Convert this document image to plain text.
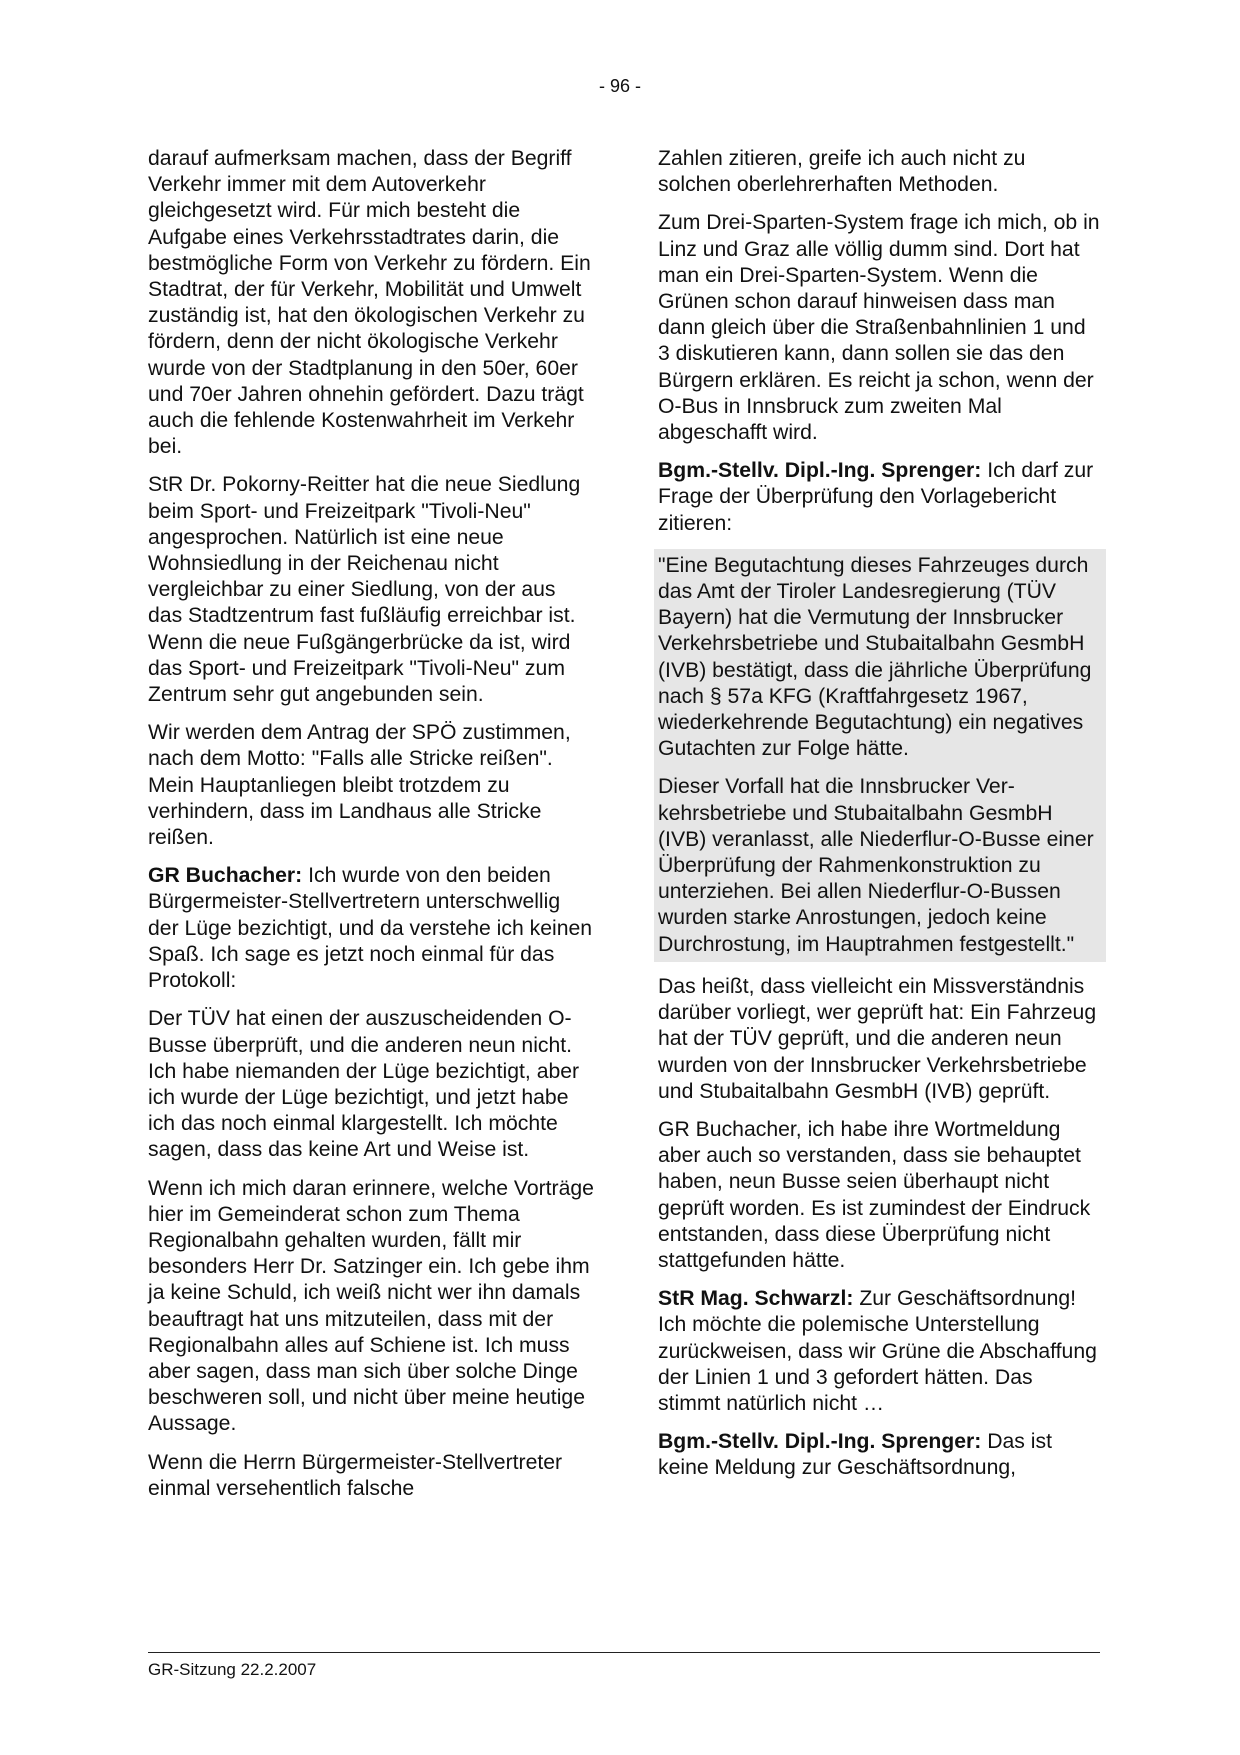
- 96 -

darauf aufmerksam machen, dass der Begriff Verkehr immer mit dem Autoverkehr gleichgesetzt wird. Für mich besteht die Aufgabe eines Verkehrsstadtrates darin, die bestmögliche Form von Verkehr zu fördern. Ein Stadtrat, der für Verkehr, Mobilität und Umwelt zuständig ist, hat den ökologischen Verkehr zu fördern, denn der nicht ökologische Verkehr wurde von der Stadtplanung in den 50er, 60er und 70er Jahren ohnehin gefördert. Dazu trägt auch die fehlende Kostenwahrheit im Verkehr bei.

StR Dr. Pokorny-Reitter hat die neue Siedlung beim Sport- und Freizeitpark "Tivoli-Neu" angesprochen. Natürlich ist eine neue Wohnsiedlung in der Reichenau nicht vergleichbar zu einer Siedlung, von der aus das Stadtzentrum fast fußläufig erreichbar ist. Wenn die neue Fußgängerbrücke da ist, wird das Sport- und Freizeitpark "Tivoli-Neu" zum Zentrum sehr gut angebunden sein.

Wir werden dem Antrag der SPÖ zustimmen, nach dem Motto: "Falls alle Stricke reißen". Mein Hauptanliegen bleibt trotzdem zu verhindern, dass im Landhaus alle Stricke reißen.

GR Buchacher: Ich wurde von den beiden Bürgermeister-Stellvertretern unterschwellig der Lüge bezichtigt, und da verstehe ich keinen Spaß. Ich sage es jetzt noch einmal für das Protokoll:

Der TÜV hat einen der auszuscheidenden O-Busse überprüft, und die anderen neun nicht. Ich habe niemanden der Lüge bezichtigt, aber ich wurde der Lüge bezichtigt, und jetzt habe ich das noch einmal klargestellt. Ich möchte sagen, dass das keine Art und Weise ist.

Wenn ich mich daran erinnere, welche Vorträge hier im Gemeinderat schon zum Thema Regionalbahn gehalten wurden, fällt mir besonders Herr Dr. Satzinger ein. Ich gebe ihm ja keine Schuld, ich weiß nicht wer ihn damals beauftragt hat uns mitzuteilen, dass mit der Regionalbahn alles auf Schiene ist. Ich muss aber sagen, dass man sich über solche Dinge beschweren soll, und nicht über meine heutige Aussage.

Wenn die Herrn Bürgermeister-Stellvertreter einmal versehentlich falsche

Zahlen zitieren, greife ich auch nicht zu solchen oberlehrerhaften Methoden.

Zum Drei-Sparten-System frage ich mich, ob in Linz und Graz alle völlig dumm sind. Dort hat man ein Drei-Sparten-System. Wenn die Grünen schon darauf hinweisen dass man dann gleich über die Straßenbahnlinien 1 und 3 diskutieren kann, dann sollen sie das den Bürgern erklären. Es reicht ja schon, wenn der O-Bus in Innsbruck zum zweiten Mal abgeschafft wird.

Bgm.-Stellv. Dipl.-Ing. Sprenger: Ich darf zur Frage der Überprüfung den Vorlagebericht zitieren:

"Eine Begutachtung dieses Fahrzeuges durch das Amt der Tiroler Landesregierung (TÜV Bayern) hat die Vermutung der Innsbrucker Verkehrsbetriebe und Stubaitalbahn GesmbH (IVB) bestätigt, dass die jährliche Überprüfung nach § 57a KFG (Kraftfahrgesetz 1967, wiederkehrende Begutachtung) ein negatives Gutachten zur Folge hätte.

Dieser Vorfall hat die Innsbrucker Verkehrsbetriebe und Stubaitalbahn GesmbH (IVB) veranlasst, alle Niederflur-O-Busse einer Überprüfung der Rahmenkonstruktion zu unterziehen. Bei allen Niederflur-O-Bussen wurden starke Anrostungen, jedoch keine Durchrostung, im Hauptrahmen festgestellt."

Das heißt, dass vielleicht ein Missverständnis darüber vorliegt, wer geprüft hat: Ein Fahrzeug hat der TÜV geprüft, und die anderen neun wurden von der Innsbrucker Verkehrsbetriebe und Stubaitalbahn GesmbH (IVB) geprüft.

GR Buchacher, ich habe ihre Wortmeldung aber auch so verstanden, dass sie behauptet haben, neun Busse seien überhaupt nicht geprüft worden. Es ist zumindest der Eindruck entstanden, dass diese Überprüfung nicht stattgefunden hätte.

StR Mag. Schwarzl: Zur Geschäftsordnung! Ich möchte die polemische Unterstellung zurückweisen, dass wir Grüne die Abschaffung der Linien 1 und 3 gefordert hätten. Das stimmt natürlich nicht …

Bgm.-Stellv. Dipl.-Ing. Sprenger: Das ist keine Meldung zur Geschäftsordnung,

GR-Sitzung 22.2.2007
